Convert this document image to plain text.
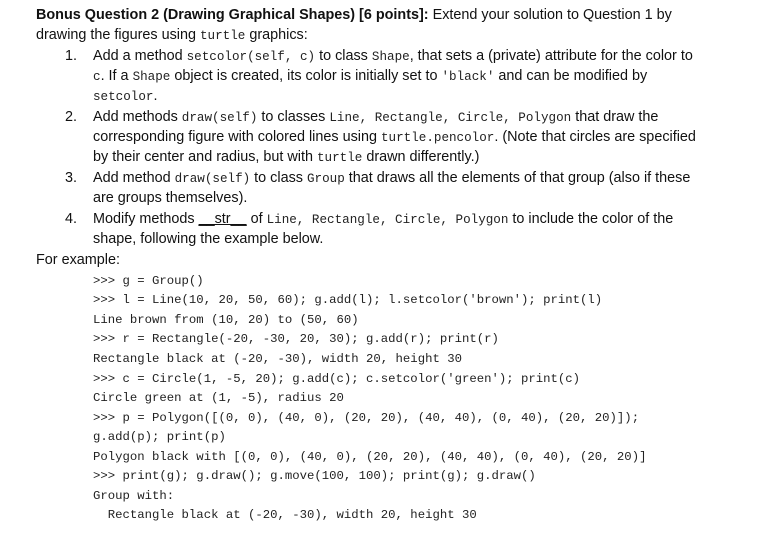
Bonus Question 2 (Drawing Graphical Shapes) [6 points]: Extend your solution to Question 1 by
drawing the figures using turtle graphics:
1. Add a method setcolor(self, c) to class Shape, that sets a (private) attribute for the color to
c. If a Shape object is created, its color is initially set to 'black' and can be modified by
setcolor.
2. Add methods draw(self) to classes Line, Rectangle, Circle, Polygon that draw the
corresponding figure with colored lines using turtle.pencolor. (Note that circles are specified
by their center and radius, but with turtle drawn differently.)
3. Add method draw(self) to class Group that draws all the elements of that group (also if these
are groups themselves).
4. Modify methods __str__ of Line, Rectangle, Circle, Polygon to include the color of the
shape, following the example below.
For example:
>>> g = Group()
>>> l = Line(10, 20, 50, 60); g.add(l); l.setcolor('brown'); print(l)
Line brown from (10, 20) to (50, 60)
>>> r = Rectangle(-20, -30, 20, 30); g.add(r); print(r)
Rectangle black at (-20, -30), width 20, height 30
>>> c = Circle(1, -5, 20); g.add(c); c.setcolor('green'); print(c)
Circle green at (1, -5), radius 20
>>> p = Polygon([(0, 0), (40, 0), (20, 20), (40, 40), (0, 40), (20, 20)]);
g.add(p); print(p)
Polygon black with [(0, 0), (40, 0), (20, 20), (40, 40), (0, 40), (20, 20)]
>>> print(g); g.draw(); g.move(100, 100); print(g); g.draw()
Group with:
Rectangle black at (-20, -30), width 20, height 30
